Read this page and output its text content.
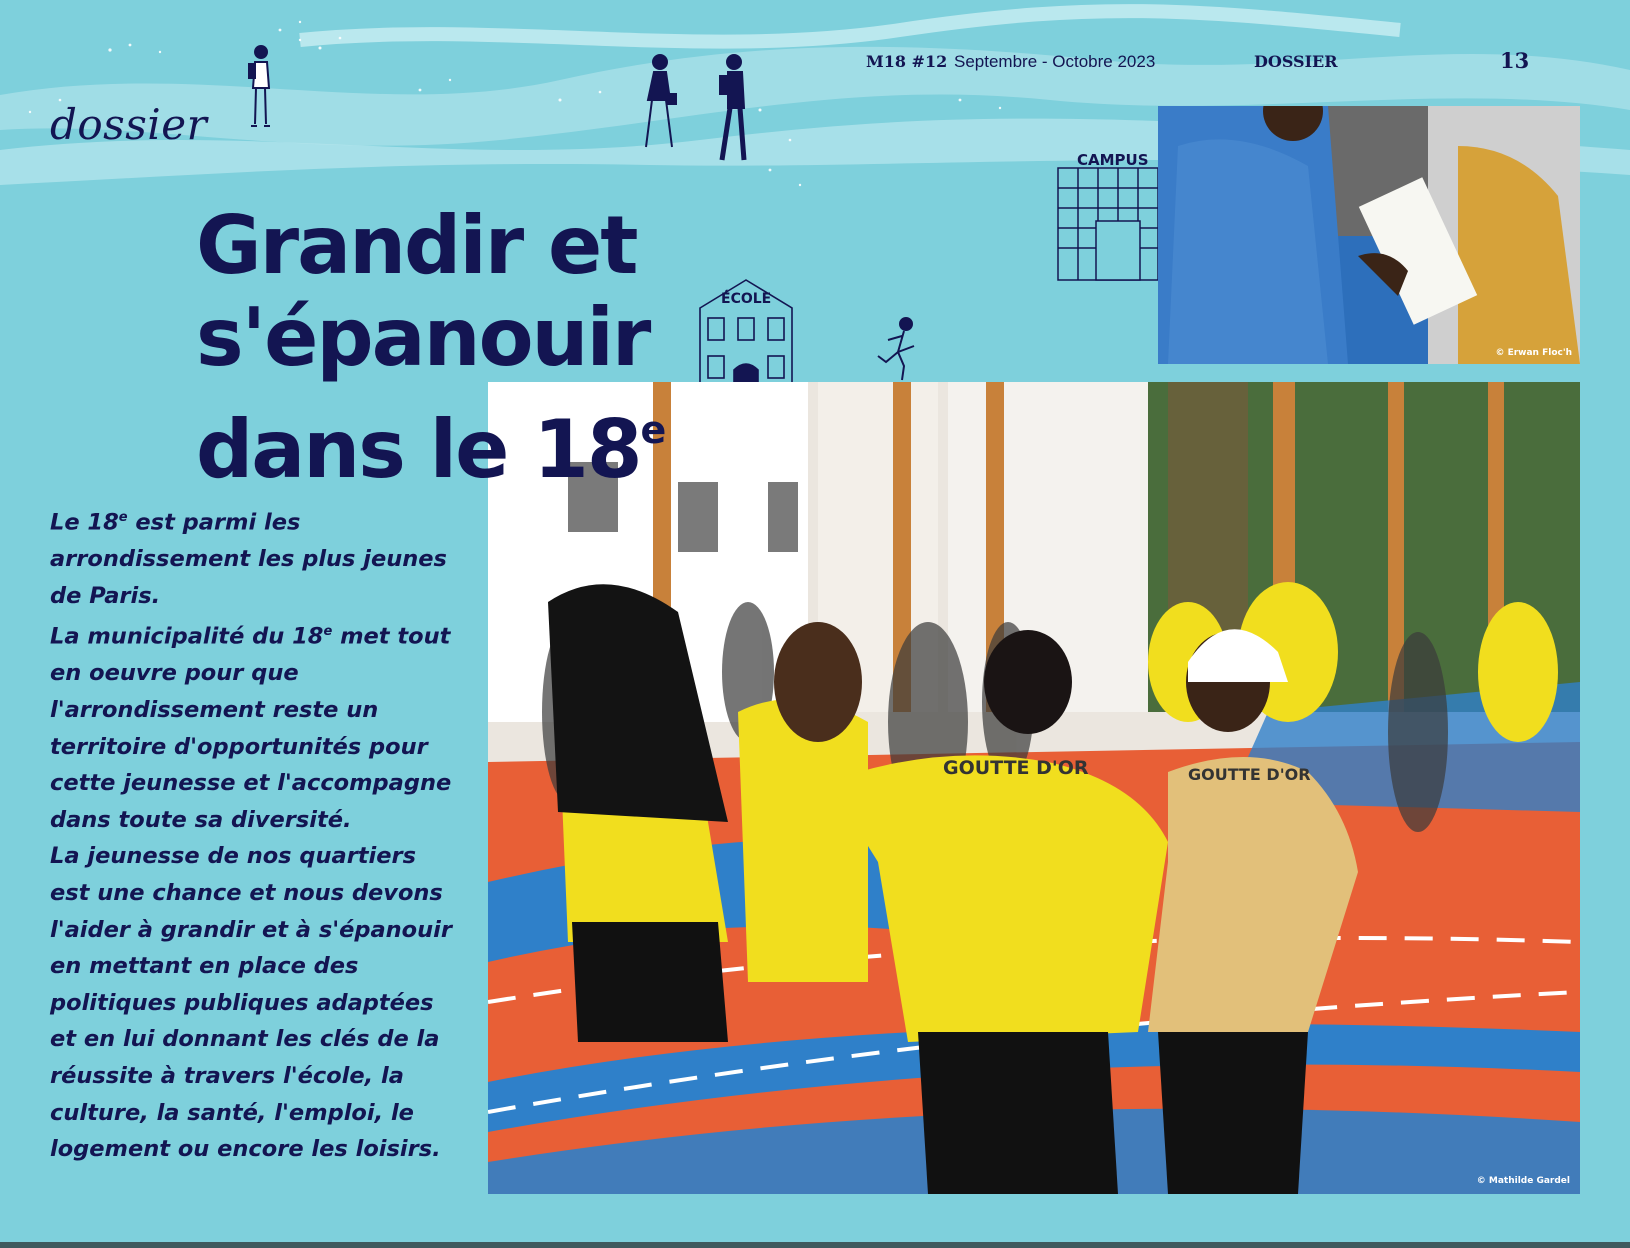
dossier
M18 #12 Septembre - Octobre 2023	DOSSIER	13
CAMPUS
ÉCOLE
Grandir et
s'épanouir
dans le 18e

Le 18e est parmi les arrondissement les plus jeunes de Paris.

La municipalité du 18e met tout en oeuvre pour que l'arrondissement reste un territoire d'opportunités pour cette jeunesse et l'accompagne dans toute sa diversité.

La jeunesse de nos quartiers est une chance et nous devons l'aider à grandir et à s'épanouir en mettant en place des politiques publiques adaptées et en lui donnant les clés de la réussite à travers l'école, la culture, la santé, l'emploi, le logement ou encore les loisirs.

© Erwan Floc'h
GOUTTE D'OR	GOUTTE D'OR
© Mathilde Gardel
